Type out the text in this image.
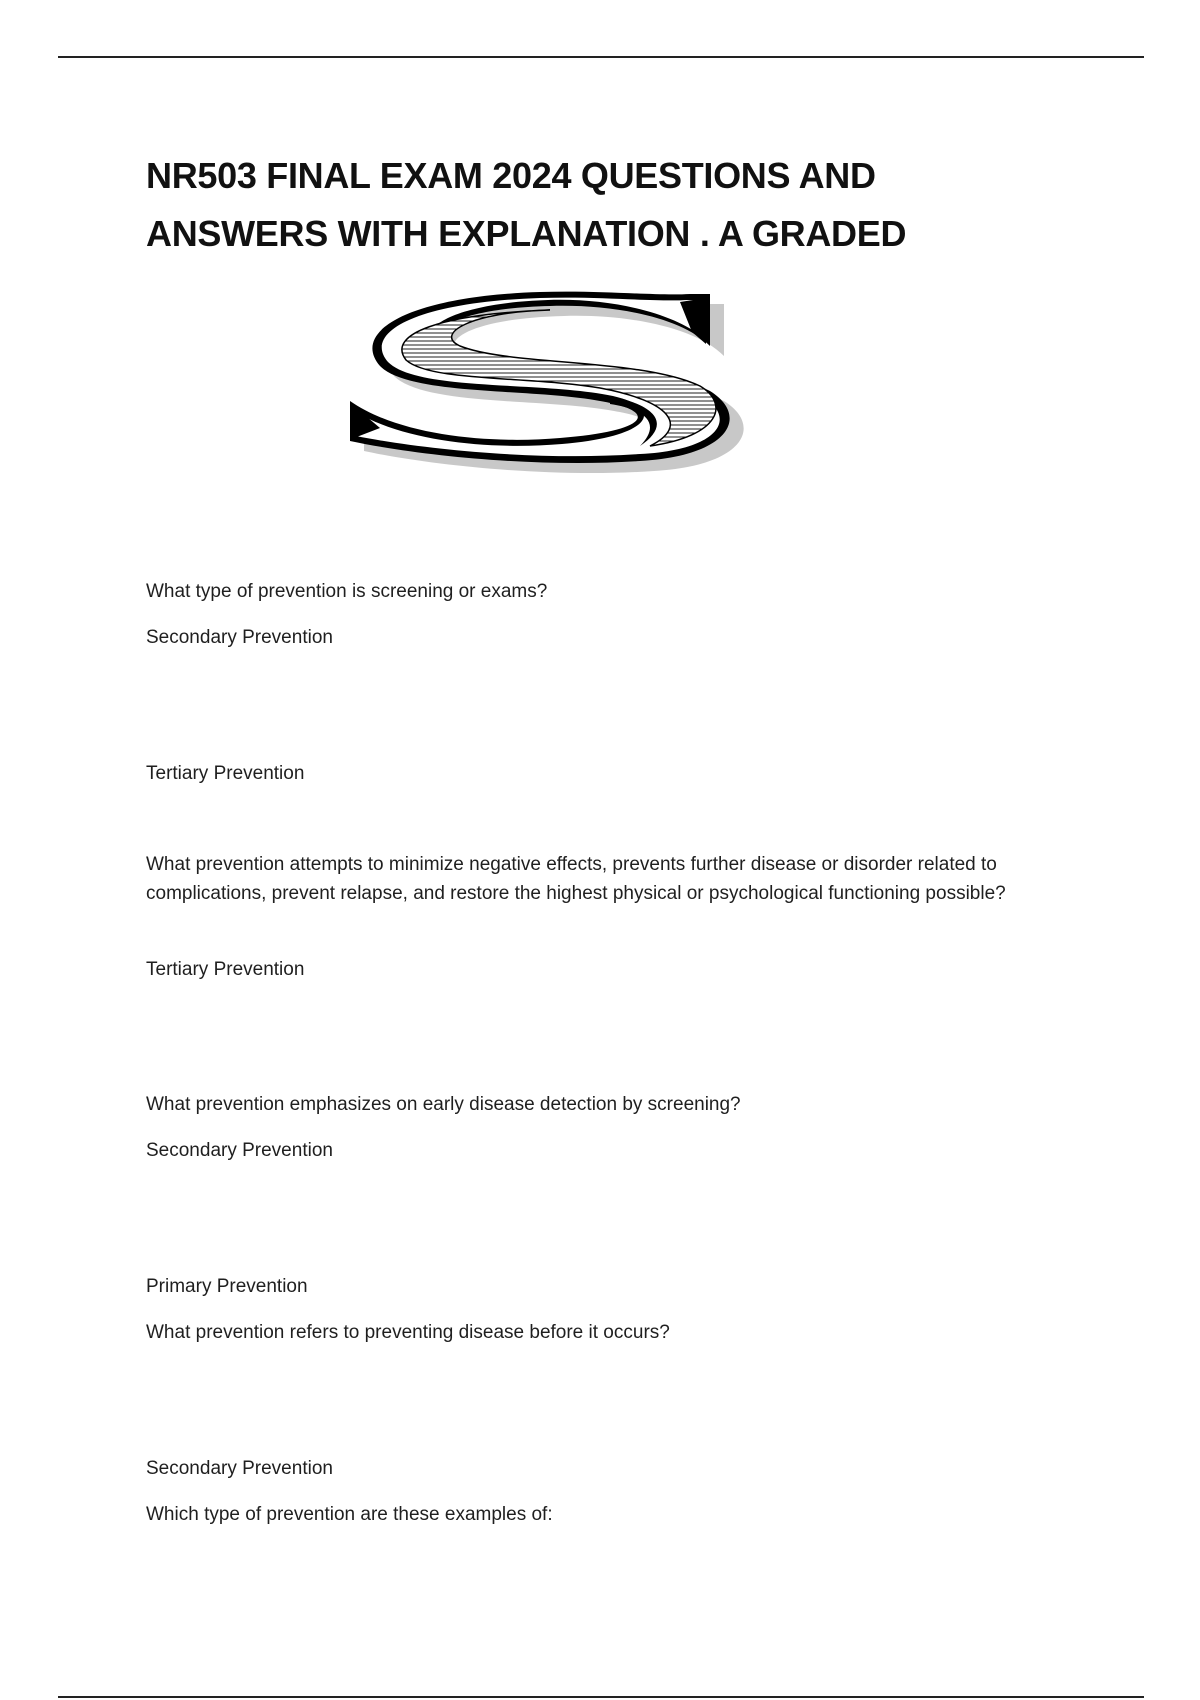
NR503 FINAL EXAM 2024 QUESTIONS AND ANSWERS WITH EXPLANATION . A GRADED

What type of prevention is screening or exams?

Secondary Prevention

Tertiary Prevention

What prevention attempts to minimize negative effects, prevents further disease or disorder related to complications, prevent relapse, and restore the highest physical or psychological functioning possible?

Tertiary Prevention

What prevention emphasizes on early disease detection by screening?

Secondary Prevention

Primary Prevention

What prevention refers to preventing disease before it occurs?

Secondary Prevention

Which type of prevention are these examples of:
